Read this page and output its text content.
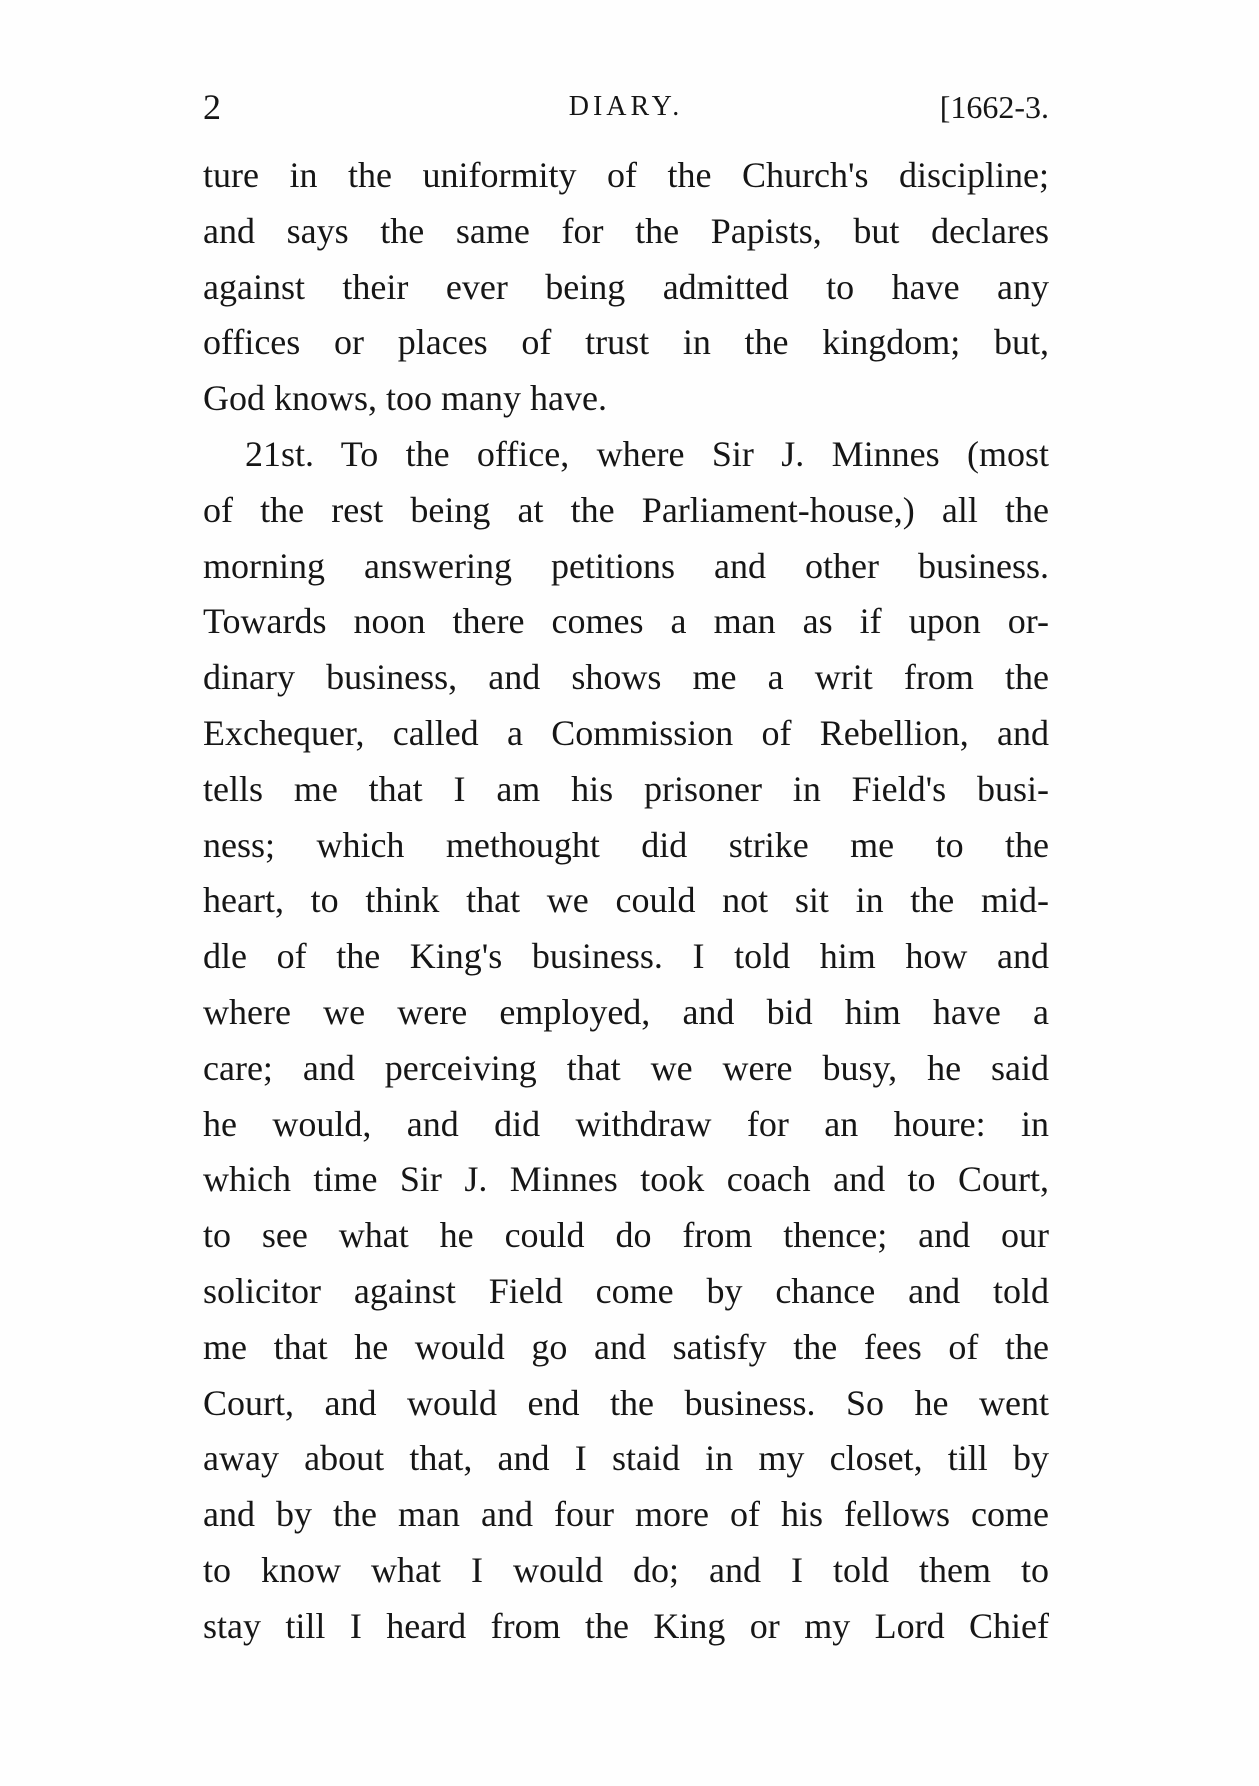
2	DIARY.	[1662-3.
ture in the uniformity of the Church's discipline;
and says the same for the Papists, but declares
against their ever being admitted to have any
offices or places of trust in the kingdom; but,
God knows, too many have.
21st. To the office, where Sir J. Minnes (most
of the rest being at the Parliament-house,) all the
morning answering petitions and other business.
Towards noon there comes a man as if upon or-
dinary business, and shows me a writ from the
Exchequer, called a Commission of Rebellion, and
tells me that I am his prisoner in Field's busi-
ness; which methought did strike me to the
heart, to think that we could not sit in the mid-
dle of the King's business. I told him how and
where we were employed, and bid him have a
care; and perceiving that we were busy, he said
he would, and did withdraw for an houre: in
which time Sir J. Minnes took coach and to Court,
to see what he could do from thence; and our
solicitor against Field come by chance and told
me that he would go and satisfy the fees of the
Court, and would end the business. So he went
away about that, and I staid in my closet, till by
and by the man and four more of his fellows come
to know what I would do; and I told them to
stay till I heard from the King or my Lord Chief
